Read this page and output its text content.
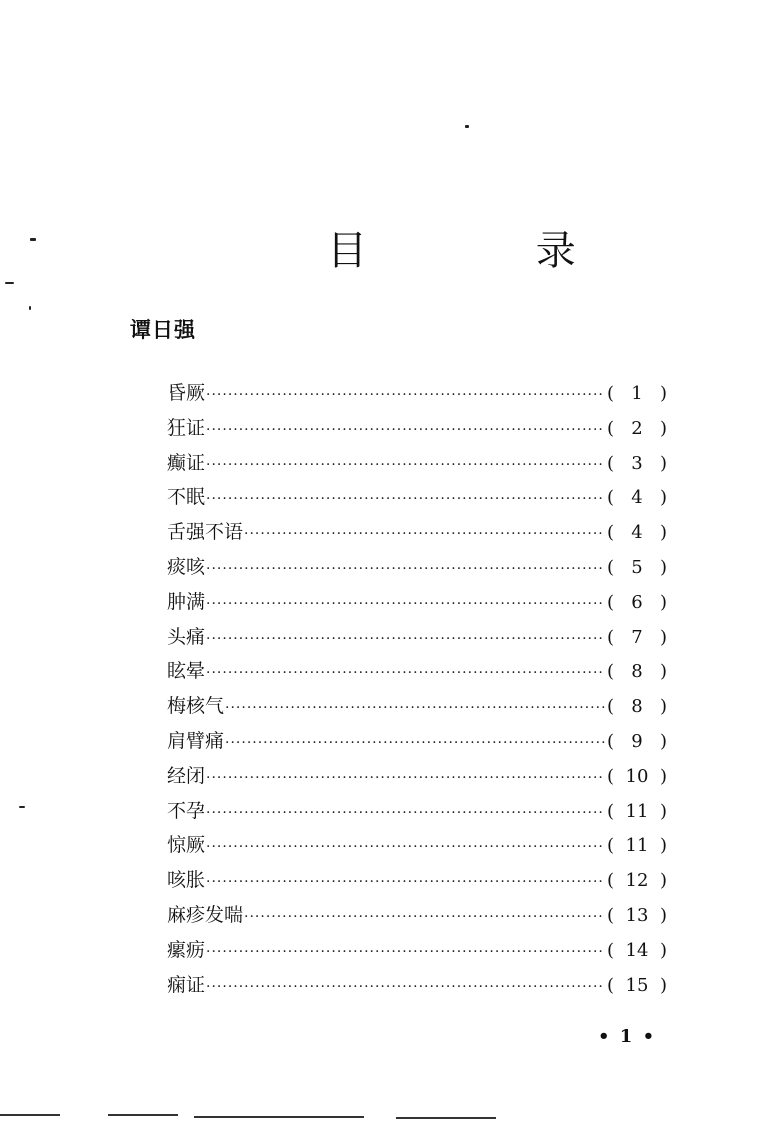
目 录
谭日强
昏厥 ·····	( 1 )
狂证 ·····	( 2 )
癫证 ·····	( 3 )
不眠 ·····	( 4 )
舌强不语 ·····	( 4 )
痰咳 ·····	( 5 )
肿满 ·····	( 6 )
头痛 ·····	( 7 )
眩晕 ·····	( 8 )
梅核气 ·····	( 8 )
肩臂痛 ·····	( 9 )
经闭 ·····	( 10 )
不孕 ·····	( 11 )
惊厥 ·····	( 11 )
咳胀 ·····	( 12 )
麻疹发喘 ·····	( 13 )
瘰疬 ·····	( 14 )
痫证 ·····	( 15 )
• 1 •
